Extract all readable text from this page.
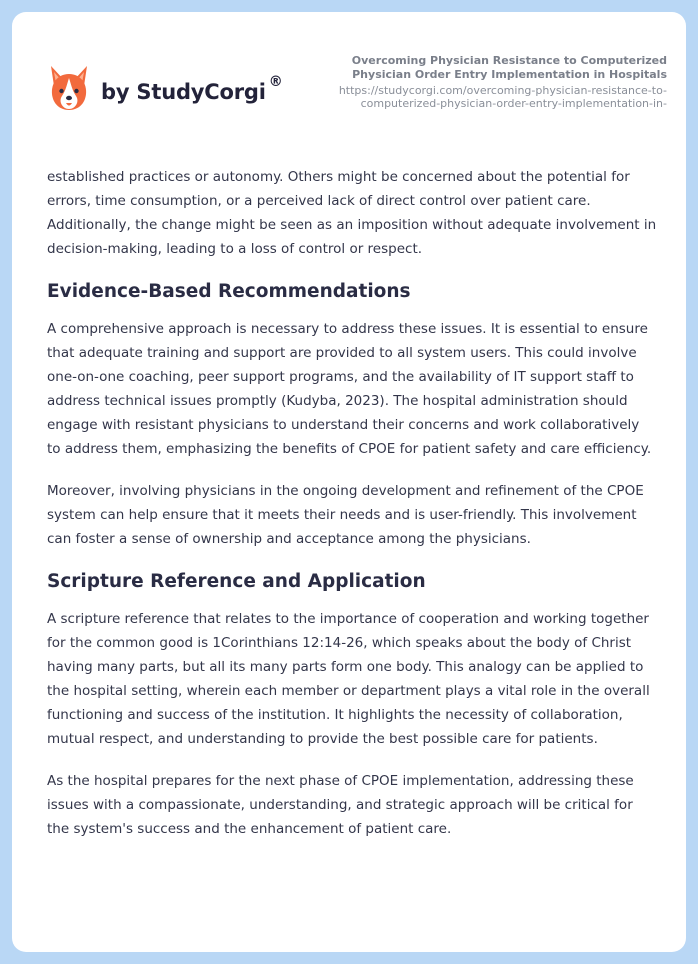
by StudyCorgi ®
Overcoming Physician Resistance to Computerized
Physician Order Entry Implementation in Hospitals
https://studycorgi.com/overcoming-physician-resistance-to-
computerized-physician-order-entry-implementation-in-

established practices or autonomy. Others might be concerned about the potential for errors, time consumption, or a perceived lack of direct control over patient care. Additionally, the change might be seen as an imposition without adequate involvement in decision-making, leading to a loss of control or respect.

Evidence-Based Recommendations

A comprehensive approach is necessary to address these issues. It is essential to ensure that adequate training and support are provided to all system users. This could involve one-on-one coaching, peer support programs, and the availability of IT support staff to address technical issues promptly (Kudyba, 2023). The hospital administration should engage with resistant physicians to understand their concerns and work collaboratively to address them, emphasizing the benefits of CPOE for patient safety and care efficiency.

Moreover, involving physicians in the ongoing development and refinement of the CPOE system can help ensure that it meets their needs and is user-friendly. This involvement can foster a sense of ownership and acceptance among the physicians.

Scripture Reference and Application

A scripture reference that relates to the importance of cooperation and working together for the common good is 1Corinthians 12:14-26, which speaks about the body of Christ having many parts, but all its many parts form one body. This analogy can be applied to the hospital setting, wherein each member or department plays a vital role in the overall functioning and success of the institution. It highlights the necessity of collaboration, mutual respect, and understanding to provide the best possible care for patients.

As the hospital prepares for the next phase of CPOE implementation, addressing these issues with a compassionate, understanding, and strategic approach will be critical for the system's success and the enhancement of patient care.
